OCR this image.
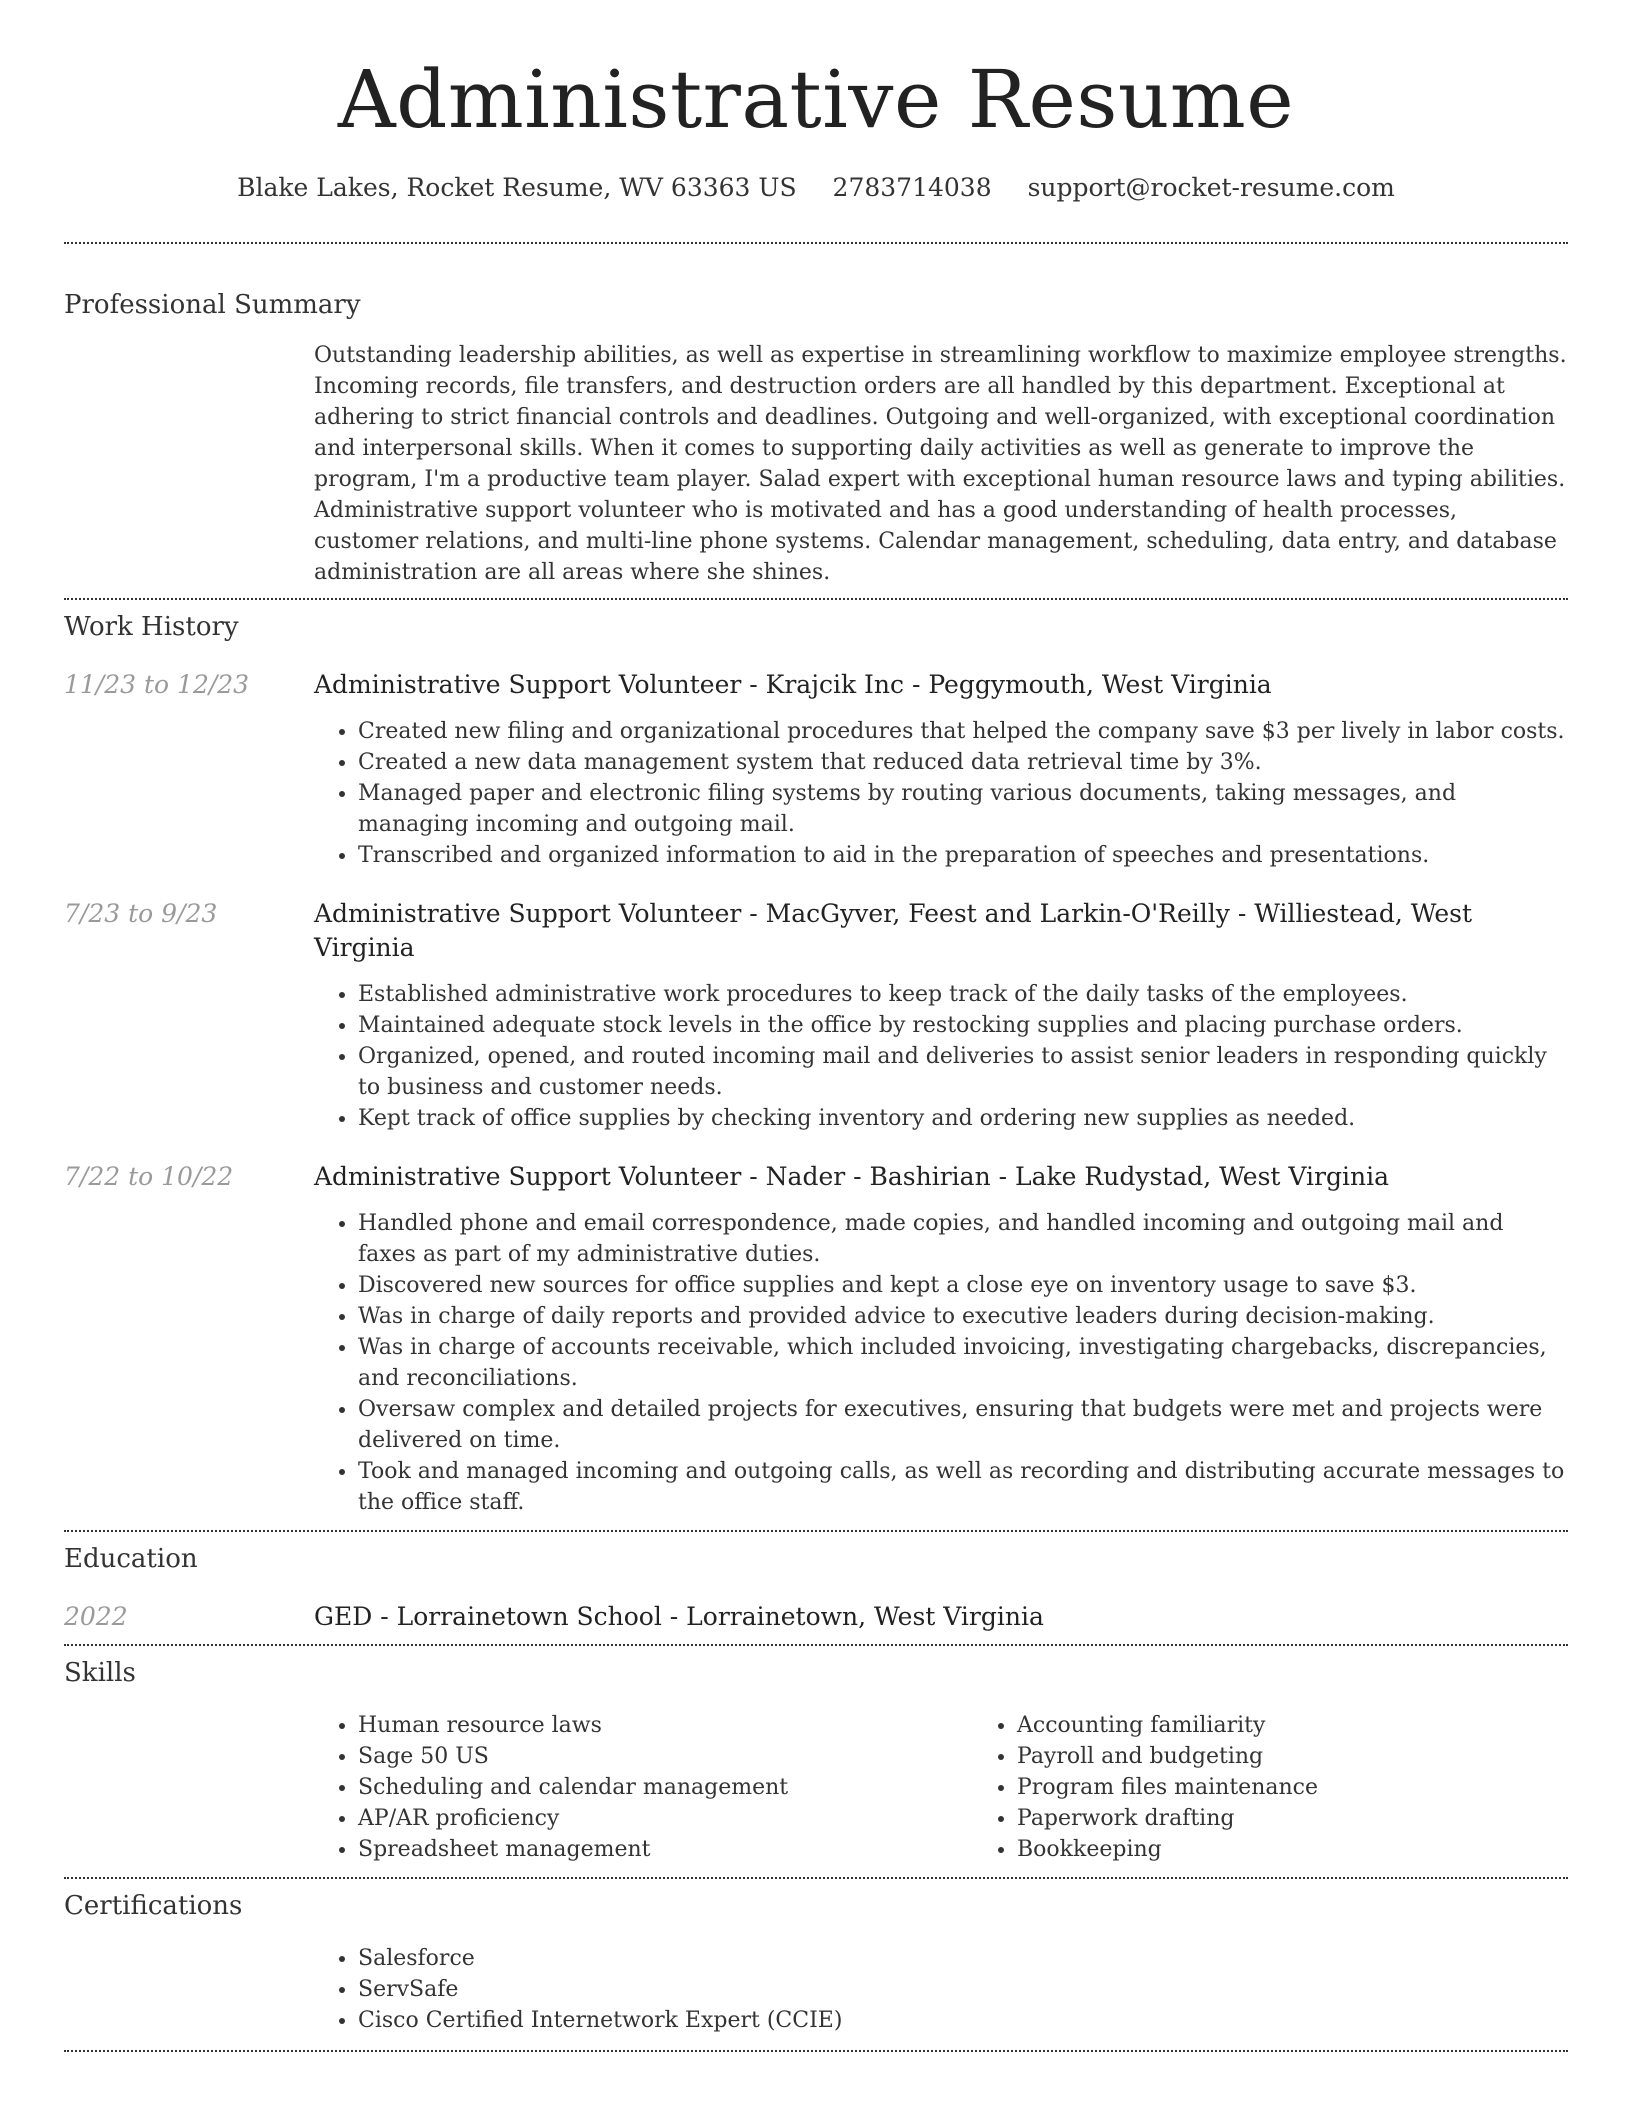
Administrative Resume
Blake Lakes, Rocket Resume, WV 63363 US 2783714038 support@rocket-resume.com
Professional Summary

Outstanding leadership abilities, as well as expertise in streamlining workflow to maximize employee strengths. Incoming records, file transfers, and destruction orders are all handled by this department. Exceptional at adhering to strict financial controls and deadlines. Outgoing and well-organized, with exceptional coordination and interpersonal skills. When it comes to supporting daily activities as well as generate to improve the program, I'm a productive team player. Salad expert with exceptional human resource laws and typing abilities. Administrative support volunteer who is motivated and has a good understanding of health processes, customer relations, and multi-line phone systems. Calendar management, scheduling, data entry, and database administration are all areas where she shines.

Work History
11/23 to 12/23	Administrative Support Volunteer - Krajcik Inc - Peggymouth, West Virginia
• Created new filing and organizational procedures that helped the company save $3 per lively in labor costs.
• Created a new data management system that reduced data retrieval time by 3%.
• Managed paper and electronic filing systems by routing various documents, taking messages, and managing incoming and outgoing mail.
• Transcribed and organized information to aid in the preparation of speeches and presentations.
7/23 to 9/23	Administrative Support Volunteer - MacGyver, Feest and Larkin-O'Reilly - Williestead, West Virginia
• Established administrative work procedures to keep track of the daily tasks of the employees.
• Maintained adequate stock levels in the office by restocking supplies and placing purchase orders.
• Organized, opened, and routed incoming mail and deliveries to assist senior leaders in responding quickly to business and customer needs.
• Kept track of office supplies by checking inventory and ordering new supplies as needed.
7/22 to 10/22	Administrative Support Volunteer - Nader - Bashirian - Lake Rudystad, West Virginia
• Handled phone and email correspondence, made copies, and handled incoming and outgoing mail and faxes as part of my administrative duties.
• Discovered new sources for office supplies and kept a close eye on inventory usage to save $3.
• Was in charge of daily reports and provided advice to executive leaders during decision-making.
• Was in charge of accounts receivable, which included invoicing, investigating chargebacks, discrepancies, and reconciliations.
• Oversaw complex and detailed projects for executives, ensuring that budgets were met and projects were delivered on time.
• Took and managed incoming and outgoing calls, as well as recording and distributing accurate messages to the office staff.
Education
2022	GED - Lorrainetown School - Lorrainetown, West Virginia
Skills
• Human resource laws
• Sage 50 US
• Scheduling and calendar management
• AP/AR proficiency
• Spreadsheet management
• Accounting familiarity
• Payroll and budgeting
• Program files maintenance
• Paperwork drafting
• Bookkeeping
Certifications
• Salesforce
• ServSafe
• Cisco Certified Internetwork Expert (CCIE)
